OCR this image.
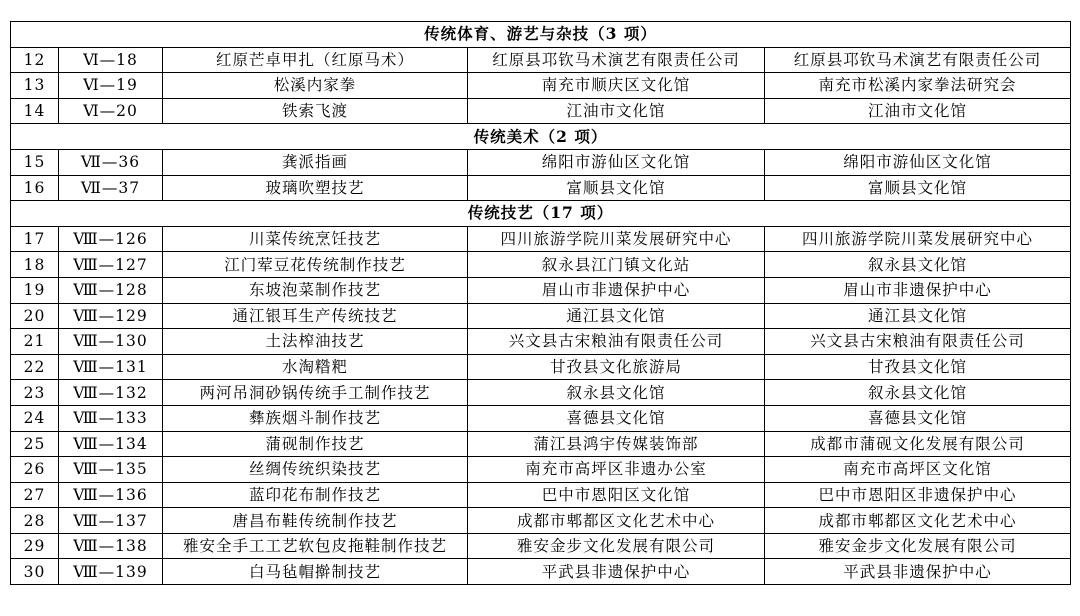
传统体育、游艺与杂技（3 项）				
12	Ⅵ—18	红原芒卓甲扎（红原马术）	红原县邛钦马术演艺有限责任公司	红原县邛钦马术演艺有限责任公司
13	Ⅵ—19	松溪内家拳	南充市顺庆区文化馆	南充市松溪内家拳法研究会
14	Ⅵ—20	铁索飞渡	江油市文化馆	江油市文化馆
传统美术（2 项）				
15	Ⅶ—36	龚派指画	绵阳市游仙区文化馆	绵阳市游仙区文化馆
16	Ⅶ—37	玻璃吹塑技艺	富顺县文化馆	富顺县文化馆
传统技艺（17 项）				
17	Ⅷ—126	川菜传统烹饪技艺	四川旅游学院川菜发展研究中心	四川旅游学院川菜发展研究中心
18	Ⅷ—127	江门荤豆花传统制作技艺	叙永县江门镇文化站	叙永县文化馆
19	Ⅷ—128	东坡泡菜制作技艺	眉山市非遗保护中心	眉山市非遗保护中心
20	Ⅷ—129	通江银耳生产传统技艺	通江县文化馆	通江县文化馆
21	Ⅷ—130	土法榨油技艺	兴文县古宋粮油有限责任公司	兴文县古宋粮油有限责任公司
22	Ⅷ—131	水淘糌粑	甘孜县文化旅游局	甘孜县文化馆
23	Ⅷ—132	两河吊洞砂锅传统手工制作技艺	叙永县文化馆	叙永县文化馆
24	Ⅷ—133	彝族烟斗制作技艺	喜德县文化馆	喜德县文化馆
25	Ⅷ—134	蒲砚制作技艺	蒲江县鸿宇传媒装饰部	成都市蒲砚文化发展有限公司
26	Ⅷ—135	丝绸传统织染技艺	南充市高坪区非遗办公室	南充市高坪区文化馆
27	Ⅷ—136	蓝印花布制作技艺	巴中市恩阳区文化馆	巴中市恩阳区非遗保护中心
28	Ⅷ—137	唐昌布鞋传统制作技艺	成都市郫都区文化艺术中心	成都市郫都区文化艺术中心
29	Ⅷ—138	雅安全手工工艺软包皮拖鞋制作技艺	雅安金步文化发展有限公司	雅安金步文化发展有限公司
30	Ⅷ—139	白马毡帽擀制技艺	平武县非遗保护中心	平武县非遗保护中心
